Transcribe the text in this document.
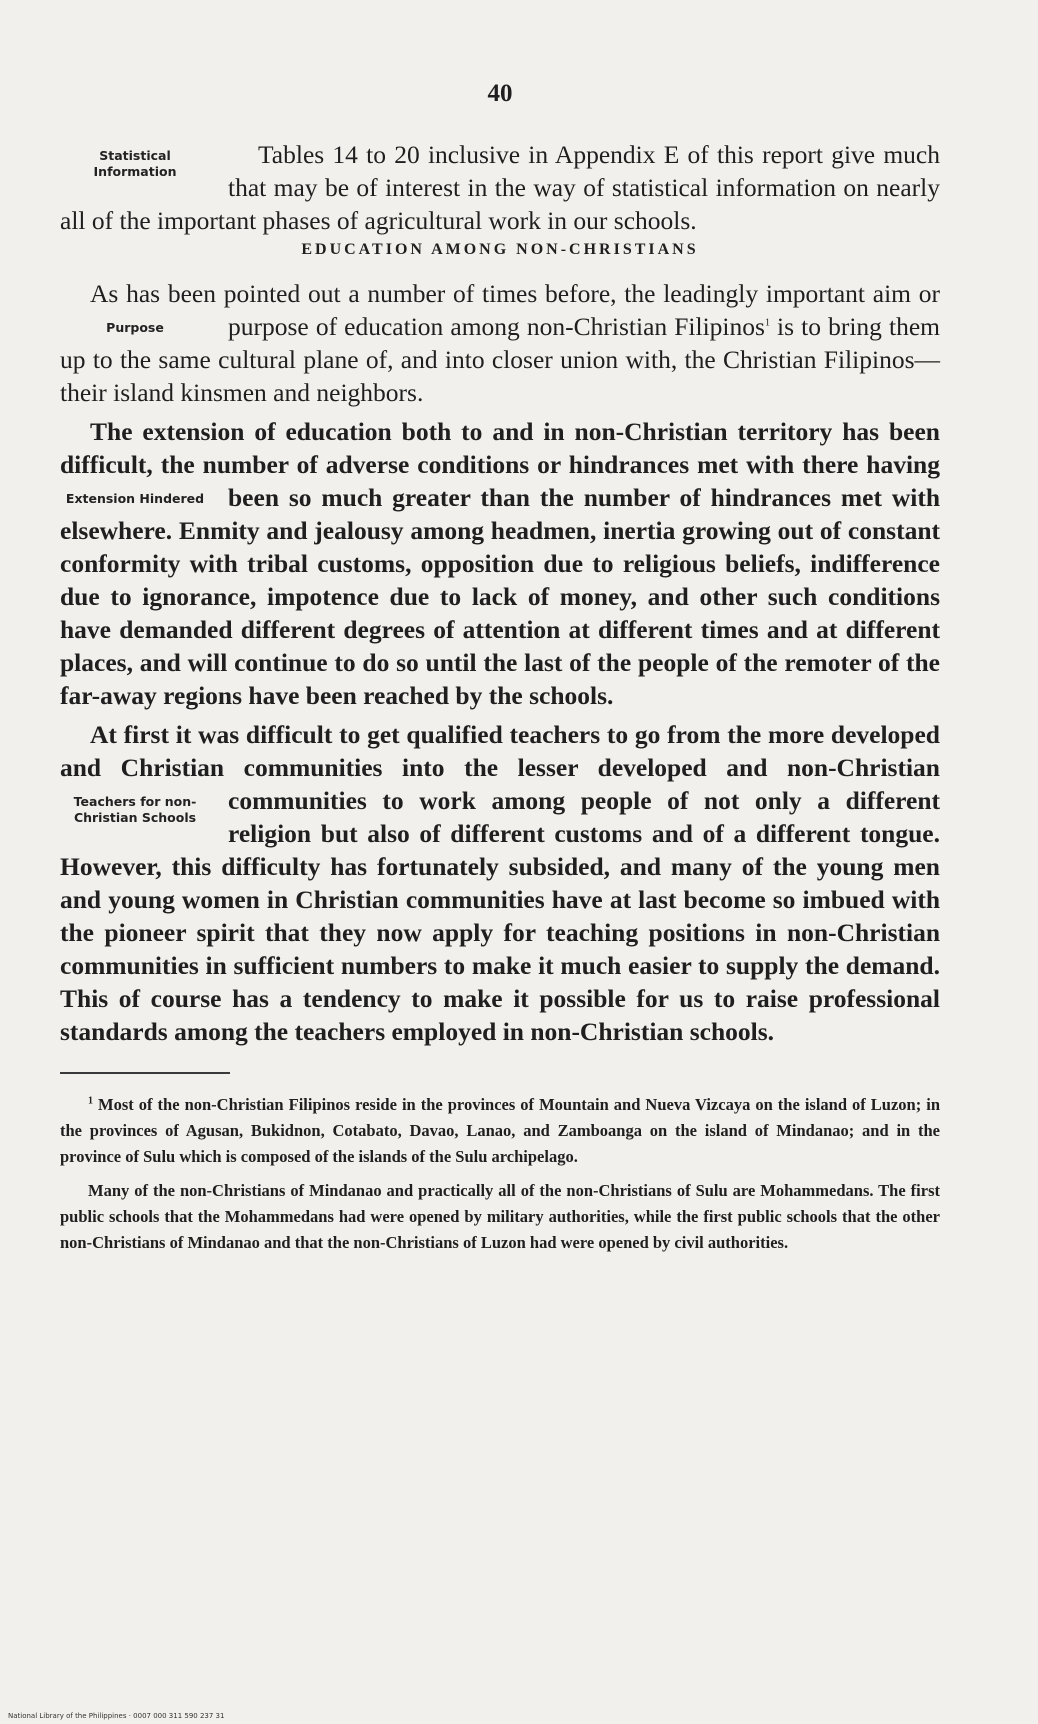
40

Tables 14 to 20 inclusive in Appendix E of this report give
Statistical Information
much that may be of interest in the way of statistical information on nearly all of the important phases of agricultural work in our schools.

EDUCATION AMONG NON-CHRISTIANS

As has been pointed out a number of times before, the leadingly important aim or purpose of education among non-Christian Filipinos$^1$
Purpose	is to bring them up to the same cultural plane of, and into closer union with, the Christian Filipinos—their island kinsmen and neighbors.

The extension of education both to and in non-Christian territory has been difficult, the number of adverse conditions or hindrances met with there having been so much greater than
Extension Hindered	the number of hindrances met with elsewhere. Enmity and jealousy among headmen, inertia growing out of constant conformity with tribal customs, opposition due to religious beliefs, indifference due to ignorance, impotence due to lack of money, and other such conditions have demanded different degrees of attention at different times and at different places, and will continue to do so until the last of the people of the remoter of the far-away regions have been reached by the schools.

At first it was difficult to get qualified teachers to go from the more developed and Christian communities into the lesser developed and non-Christian communities to work among people
Teachers for non-Christian Schools
of not only a different religion but also of different customs and of a different tongue. However, this difficulty has fortunately subsided, and many of the young men and young women in Christian communities have at last become so imbued with the pioneer spirit that they now apply for teaching positions in non-Christian communities in sufficient numbers to make it much easier to supply the demand. This of course has a tendency to make it possible for us to raise professional standards among the teachers employed in non-Christian schools.

$^1$ Most of the non-Christian Filipinos reside in the provinces of Mountain and Nueva Vizcaya on the island of Luzon; in the provinces of Agusan, Bukidnon, Cotabato, Davao, Lanao, and Zamboanga on the island of Mindanao; and in the province of Sulu which is composed of the islands of the Sulu archipelago.

Many of the non-Christians of Mindanao and practically all of the non-Christians of Sulu are Mohammedans. The first public schools that the Mohammedans had were opened by military authorities, while the first public schools that the other non-Christians of Mindanao and that the non-Christians of Luzon had were opened by civil authorities.

National Library of the Philippines · 0007 000 311 590 237 31
